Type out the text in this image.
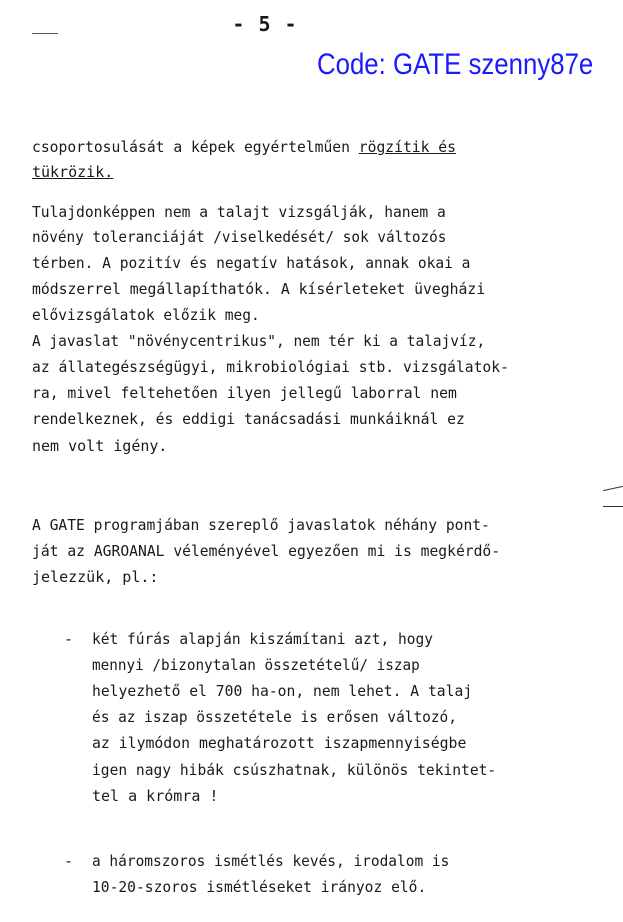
- 5 -
Code: GATE szenny87e
csoportosulását a képek egyértelműen rögzítik és
tükrözik.
Tulajdonképpen nem a talajt vizsgálják, hanem a
növény toleranciáját /viselkedését/ sok változós
térben. A pozitív és negatív hatások, annak okai a
módszerrel megállapíthatók. A kísérleteket üvegházi
elővizsgálatok előzik meg.
A javaslat "növénycentrikus", nem tér ki a talajvíz,
az állategészségügyi, mikrobiológiai stb. vizsgálatok-
ra, mivel feltehetően ilyen jellegű laborral nem
rendelkeznek, és eddigi tanácsadási munkáiknál ez
nem volt igény.
A GATE programjában szereplő javaslatok néhány pont-
ját az AGROANAL véleményével egyezően mi is megkérdő-
jelezzük, pl.:
- két fúrás alapján kiszámítani azt, hogy
mennyi /bizonytalan összetételű/ iszap
helyezhető el 700 ha-on, nem lehet. A talaj
és az iszap összetétele is erősen változó,
az ilymódon meghatározott iszapmennyiségbe
igen nagy hibák csúszhatnak, különös tekintet-
tel a krómra !
- a háromszoros ismétlés kevés, irodalom is
10-20-szoros ismétléseket irányoz elő.
